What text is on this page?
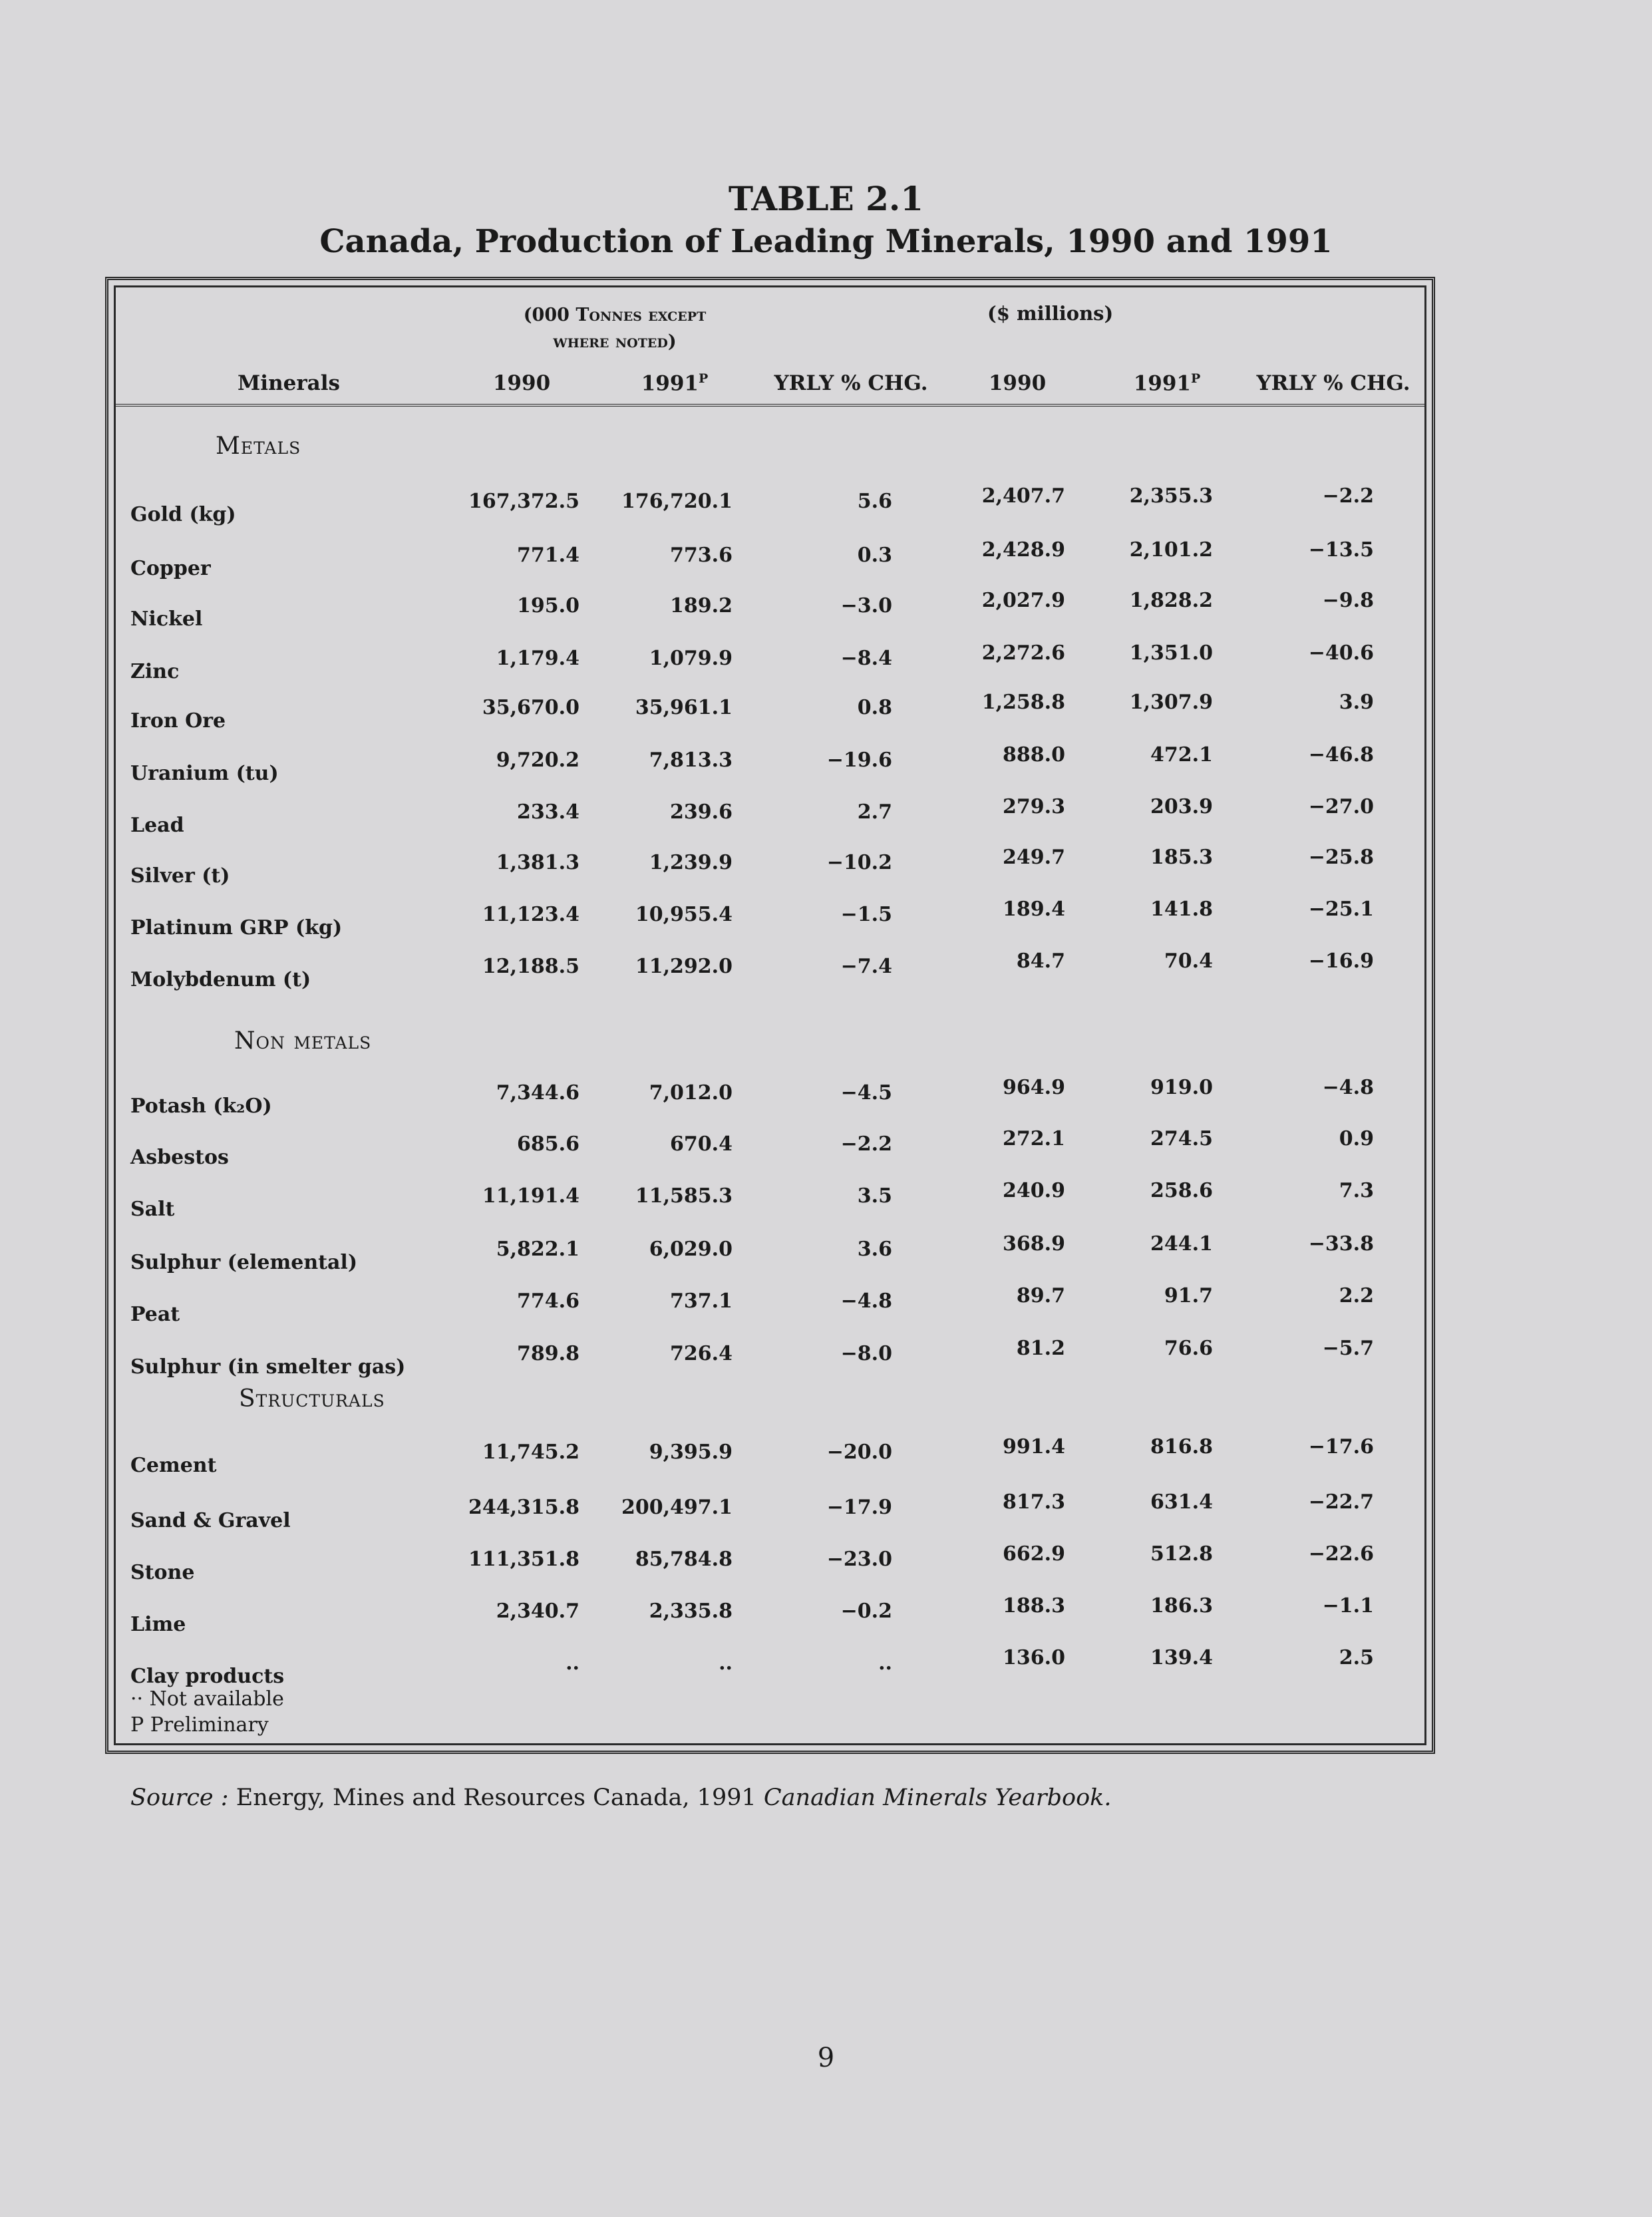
TABLE 2.1
Canada, Production of Leading Minerals, 1990 and 1991
(000 Tonnes except
where noted)
($ millions)
Minerals	1990	$1991^P$	YRLY % CHG.	1990	$1991^P$	YRLY % CHG.
Metals
Gold (kg)
167,372.5 176,720.1	5.6	2,407.7	2,355.3	−2.2
Copper
771.4	773.6	0.3	2,428.9	2,101.2	−13.5
Nickel
195.0	189.2	−3.0	2,027.9	1,828.2	−9.8
Zinc
1,179.4	1,079.9	−8.4	2,272.6	1,351.0	−40.6
Iron Ore
35,670.0	35,961.1	0.8	1,258.8	1,307.9	3.9
Uranium (tu)
9,720.2	7,813.3	−19.6	888.0	472.1	−46.8
Lead
233.4	239.6	2.7	279.3	203.9	−27.0
Silver (t)
1,381.3	1,239.9	−10.2	249.7	185.3	−25.8
Platinum GRP (kg)
11,123.4	10,955.4	−1.5	189.4	141.8	−25.1
Molybdenum (t)
12,188.5	11,292.0	−7.4	84.7	70.4	−16.9
Non metals
Potash (k₂O)
7,344.6	7,012.0	−4.5	964.9	919.0	−4.8
Asbestos
685.6	670.4	−2.2	272.1	274.5	0.9
Salt
11,191.4	11,585.3	3.5	240.9	258.6	7.3
Sulphur (elemental)
5,822.1	6,029.0	3.6	368.9	244.1	−33.8
Peat
774.6	737.1	−4.8	89.7	91.7	2.2
Sulphur (in smelter gas)
789.8	726.4	−8.0	81.2	76.6	−5.7
Structurals
Cement
11,745.2	9,395.9	−20.0	991.4	816.8	−17.6
Sand & Gravel
244,315.8 200,497.1	−17.9	817.3	631.4	−22.7
Stone
111,351.8	85,784.8	−23.0	662.9	512.8	−22.6
Lime
2,340.7	2,335.8	−0.2	188.3	186.3	−1.1
Clay products
..	..	..	136.0	139.4	2.5
·· Not available
P Preliminary
Source : Energy, Mines and Resources Canada, 1991 Canadian Minerals Yearbook.
9
